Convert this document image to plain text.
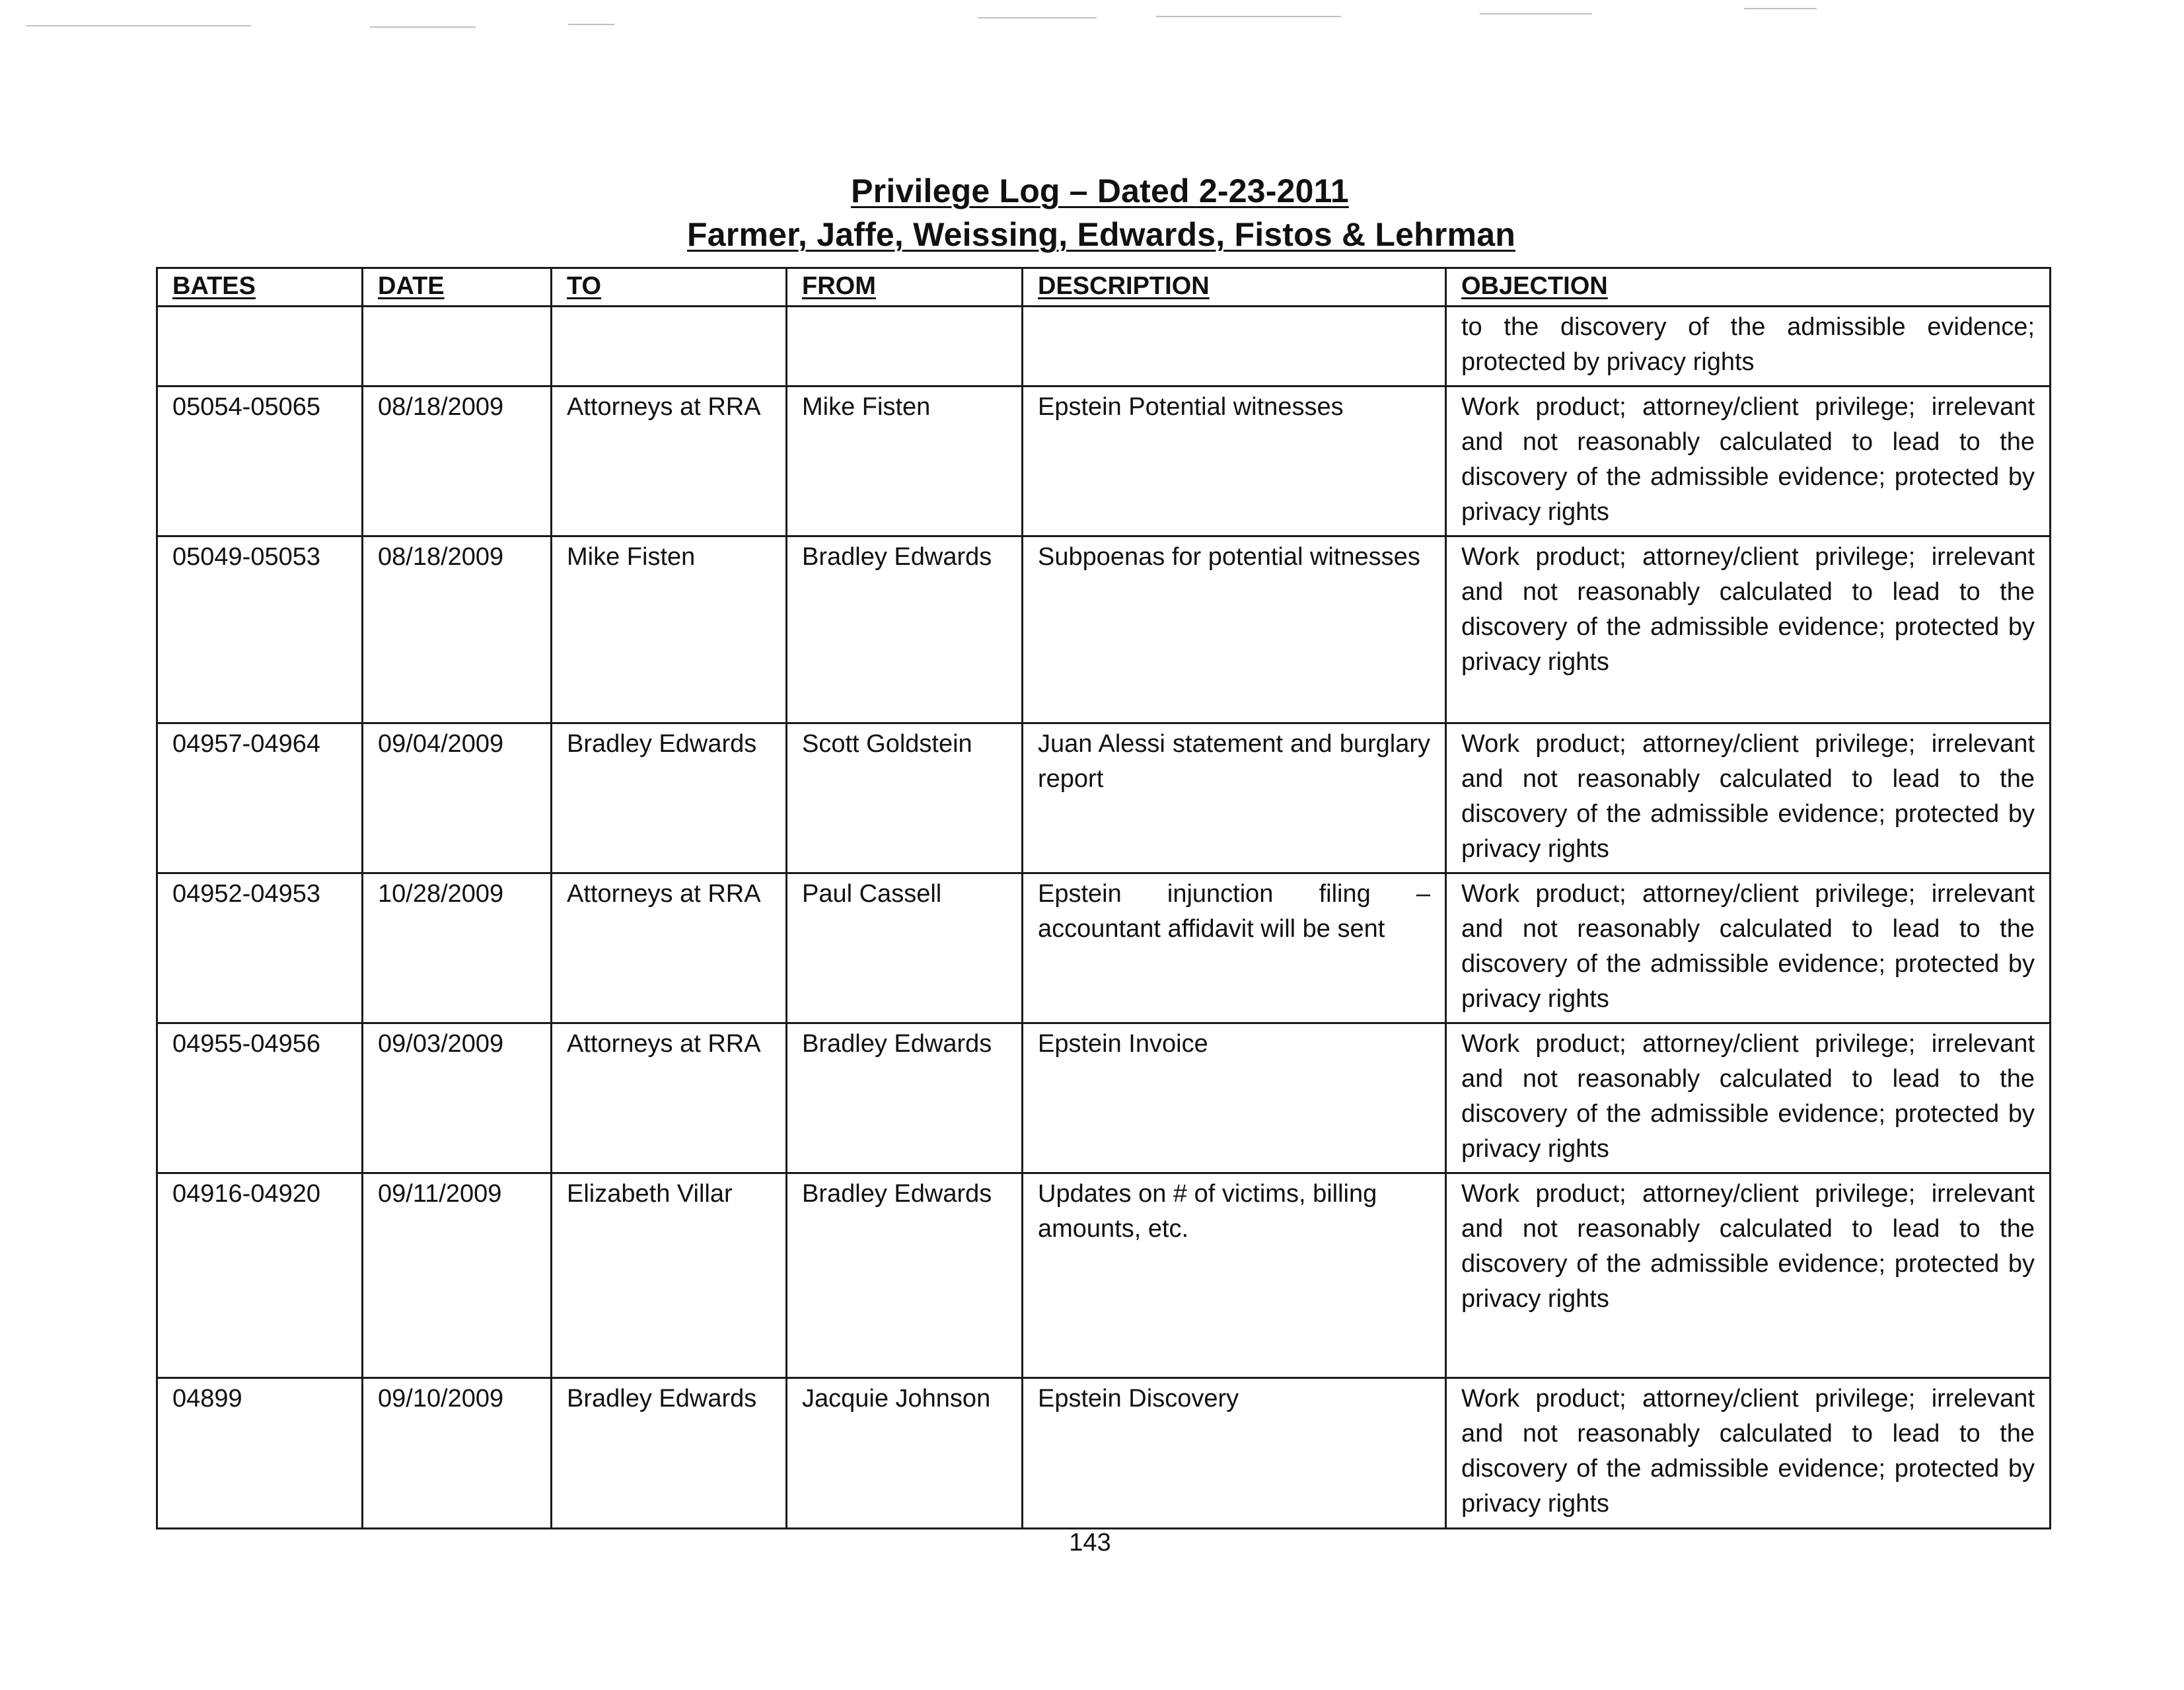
Privilege Log – Dated 2-23-2011
Farmer, Jaffe, Weissing, Edwards, Fistos & Lehrman
BATES	DATE	TO	FROM	DESCRIPTION	OBJECTION
					to the discovery of the admissible evidence; protected by privacy rights
05054-05065	08/18/2009	Attorneys at RRA	Mike Fisten	Epstein Potential witnesses	Work product; attorney/client privilege; irrelevant and not reasonably calculated to lead to the discovery of the admissible evidence; protected by privacy rights
05049-05053	08/18/2009	Mike Fisten	Bradley Edwards	Subpoenas for potential witnesses	Work product; attorney/client privilege; irrelevant and not reasonably calculated to lead to the discovery of the admissible evidence; protected by privacy rights
04957-04964	09/04/2009	Bradley Edwards	Scott Goldstein	Juan Alessi statement and burglary report	Work product; attorney/client privilege; irrelevant and not reasonably calculated to lead to the discovery of the admissible evidence; protected by privacy rights
04952-04953	10/28/2009	Attorneys at RRA	Paul Cassell	Epstein injunction filing – accountant affidavit will be sent	Work product; attorney/client privilege; irrelevant and not reasonably calculated to lead to the discovery of the admissible evidence; protected by privacy rights
04955-04956	09/03/2009	Attorneys at RRA	Bradley Edwards	Epstein Invoice	Work product; attorney/client privilege; irrelevant and not reasonably calculated to lead to the discovery of the admissible evidence; protected by privacy rights
04916-04920	09/11/2009	Elizabeth Villar	Bradley Edwards	Updates on # of victims, billing amounts, etc.	Work product; attorney/client privilege; irrelevant and not reasonably calculated to lead to the discovery of the admissible evidence; protected by privacy rights
04899	09/10/2009	Bradley Edwards	Jacquie Johnson	Epstein Discovery	Work product; attorney/client privilege; irrelevant and not reasonably calculated to lead to the discovery of the admissible evidence; protected by privacy rights
143
